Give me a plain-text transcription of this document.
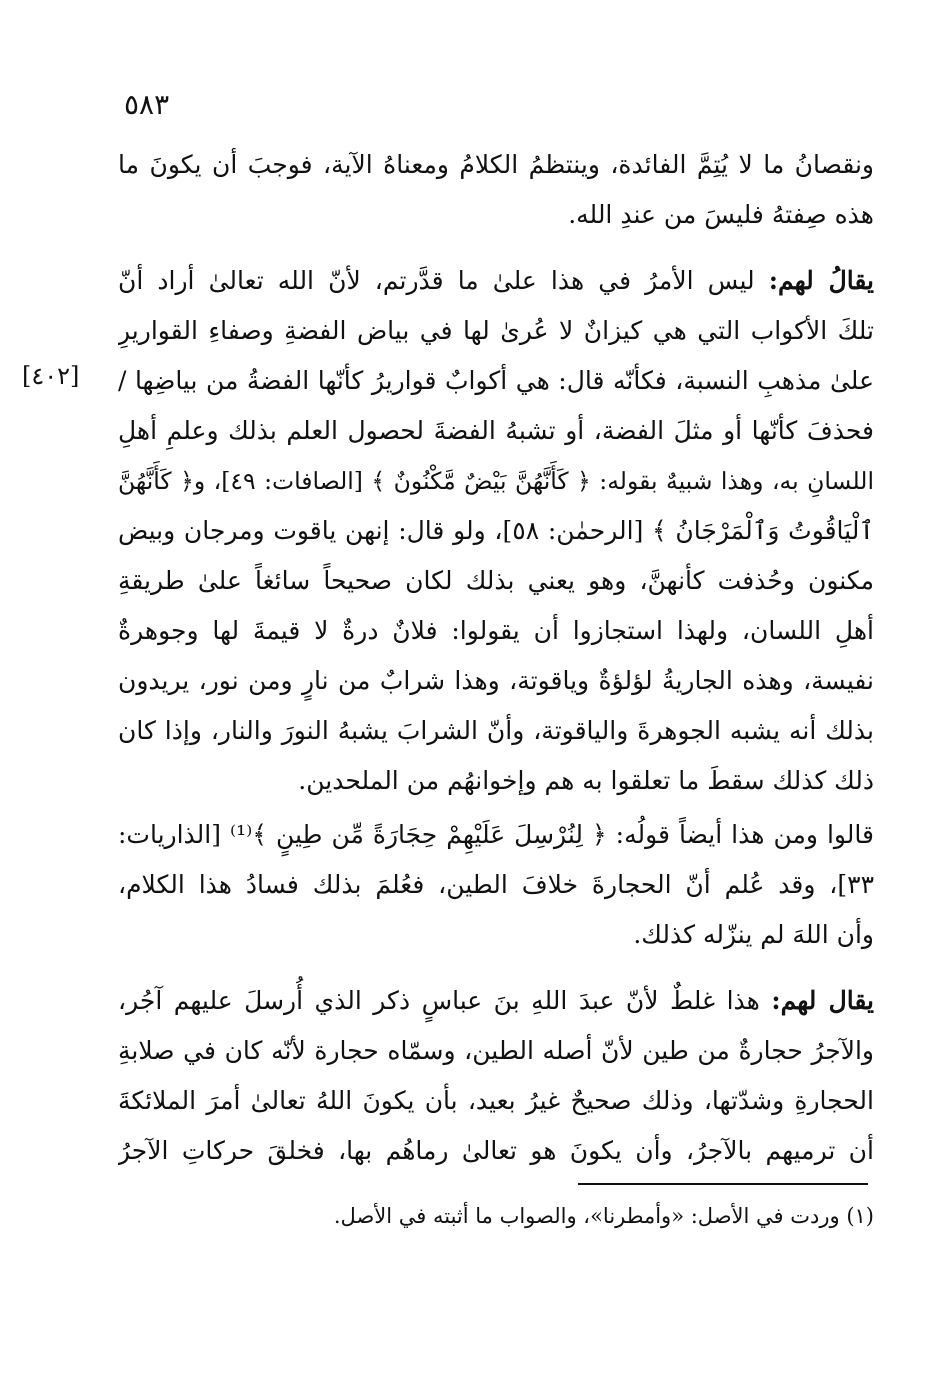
٥٨٣
[٤٠٢]
ونقصانُ ما لا يُتِمَّ الفائدة، وينتظمُ الكلامُ ومعناهُ الآية، فوجبَ أن يكونَ ما
هذه صِفتهُ فليسَ من عندِ الله.
يقالُ لهم: ليس الأمرُ في هذا علىٰ ما قدَّرتم، لأنّ الله تعالىٰ أراد أنّ
تلكَ الأكواب التي هي كيزانٌ لا عُرىٰ لها في بياض الفضةِ وصفاءِ القواريرِ
علىٰ مذهبِ النسبة، فكأنّه قال: هي أكوابٌ قواريرُ كأنّها الفضةُ من بياضِها /
فحذفَ كأنّها أو مثلَ الفضة، أو تشبهُ الفضةَ لحصول العلم بذلك وعلمِ أهلِ
اللسانِ به، وهذا شبيهٌ بقوله: ﴿ كَأَنَّهُنَّ بَيْضٌ مَّكْنُونٌ ﴾ [الصافات: ٤٩]، و﴿ كَأَنَّهُنَّ
ٱلْيَاقُوتُ وَٱلْمَرْجَانُ ﴾ [الرحمٰن: ٥٨]، ولو قال: إنهن ياقوت ومرجان وبيض
مكنون وحُذفت كأنهنَّ، وهو يعني بذلك لكان صحيحاً سائغاً علىٰ طريقةِ
أهلِ اللسان، ولهذا استجازوا أن يقولوا: فلانٌ درةٌ لا قيمةَ لها وجوهرةٌ
نفيسة، وهذه الجاريةُ لؤلؤةٌ وياقوتة، وهذا شرابٌ من نارٍ ومن نور، يريدون
بذلك أنه يشبه الجوهرةَ والياقوتة، وأنّ الشرابَ يشبهُ النورَ والنار، وإذا كان
ذلك كذلك سقطَ ما تعلقوا به هم وإخوانهُم من الملحدين.
قالوا ومن هذا أيضاً قولُه: ﴿ لِنُرْسِلَ عَلَيْهِمْ حِجَارَةً مِّن طِينٍ ﴾⁽¹⁾ [الذاريات:
٣٣]، وقد عُلم أنّ الحجارةَ خلافَ الطين، فعُلمَ بذلك فسادُ هذا الكلام،
وأن اللهَ لم ينزّله كذلك.
يقال لهم: هذا غلطٌ لأنّ عبدَ اللهِ بنَ عباسٍ ذكر الذي أُرسلَ عليهم آجُر،
والآجرُ حجارةٌ من طين لأنّ أصله الطين، وسمّاه حجارة لأنّه كان في صلابةِ
الحجارةِ وشدّتها، وذلك صحيحٌ غيرُ بعيد، بأن يكونَ اللهُ تعالىٰ أمرَ الملائكةَ
أن ترميهم بالآجرُ، وأن يكونَ هو تعالىٰ رماهُم بها، فخلقَ حركاتِ الآجرُ
(١) وردت في الأصل: «وأمطرنا»، والصواب ما أثبته في الأصل.
